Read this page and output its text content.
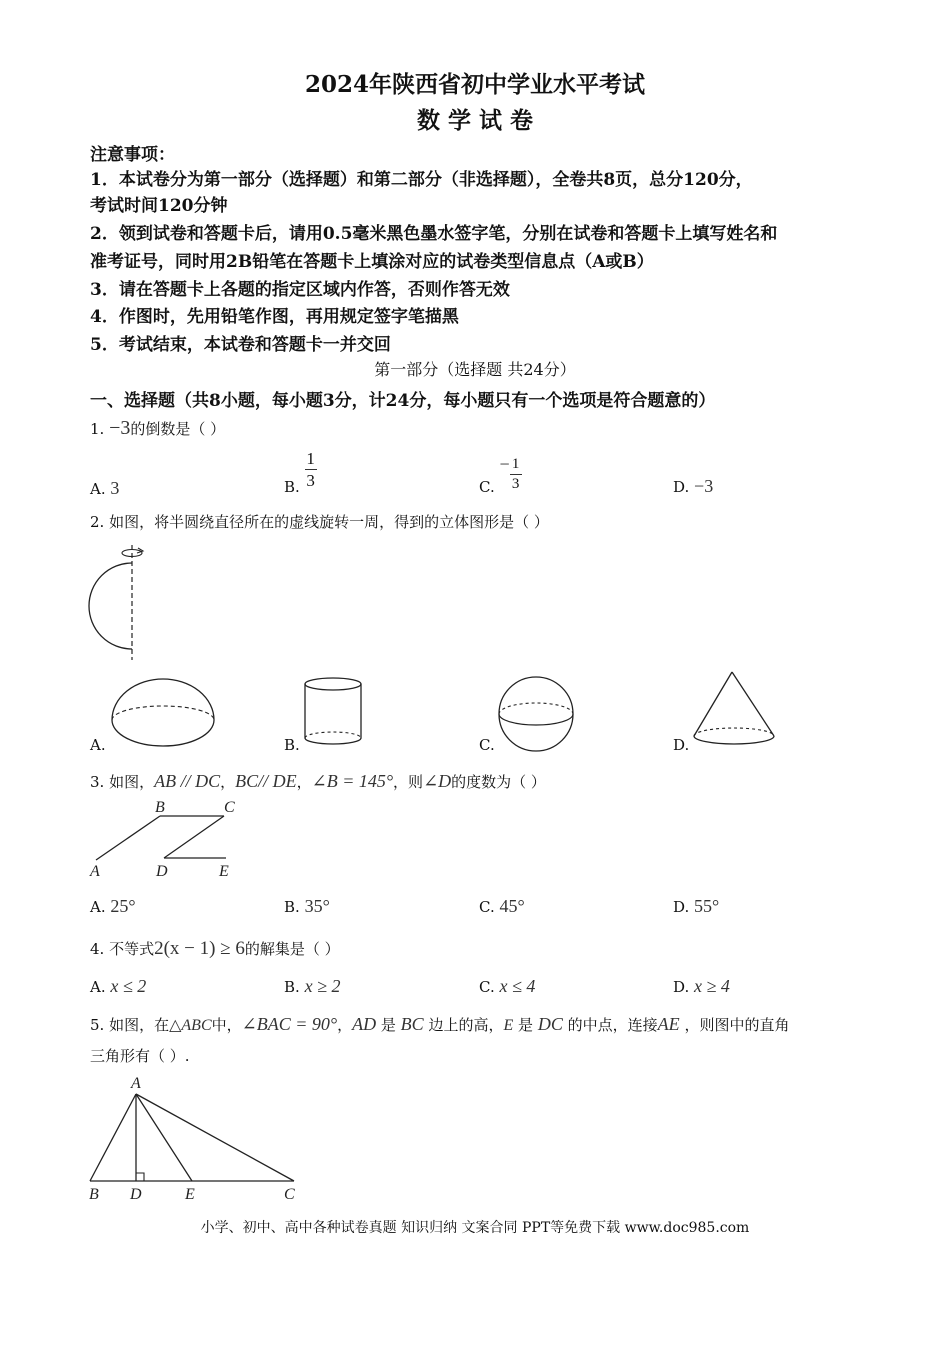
2024年陕西省初中学业水平考试
数 学 试 卷
注意事项：
1．本试卷分为第一部分（选择题）和第二部分（非选择题），全卷共8页，总分120分，
考试时间120分钟
2．领到试卷和答题卡后，请用0.5毫米黑色墨水签字笔，分别在试卷和答题卡上填写姓名和
准考证号，同时用2B铅笔在答题卡上填涂对应的试卷类型信息点（A或B）
3．请在答题卡上各题的指定区域内作答，否则作答无效
4．作图时，先用铅笔作图，再用规定签字笔描黑
5．考试结束，本试卷和答题卡一并交回
第一部分（选择题 共24分）
一、选择题（共8小题，每小题3分，计24分，每小题只有一个选项是符合题意的）
1. −3的倒数是（ ）
A. 3	B. $\frac{1}{3}$	C. − $\frac{1}{3}$	D. −3
2. 如图，将半圆绕直径所在的虚线旋转一周，得到的立体图形是（ ）
A.	B.	C.	D.
3. 如图，AB // DC，BC// DE，∠B = 145°，则∠D的度数为（ ）
B	C
A	D	E
A. 25°	B. 35°	C. 45°	D. 55°
4. 不等式2(x − 1) ≥ 6的解集是（ ）
A. x ≤ 2	B. x ≥ 2	C. x ≤ 4	D. x ≥ 4
5. 如图，在△ABC中，∠BAC = 90°，AD 是 BC 边上的高，E 是 DC 的中点，连接AE ，则图中的直角
三角形有（ ）.
A
B D	E	C
小学、初中、高中各种试卷真题 知识归纳 文案合同 PPT等免费下载 www.doc985.com
